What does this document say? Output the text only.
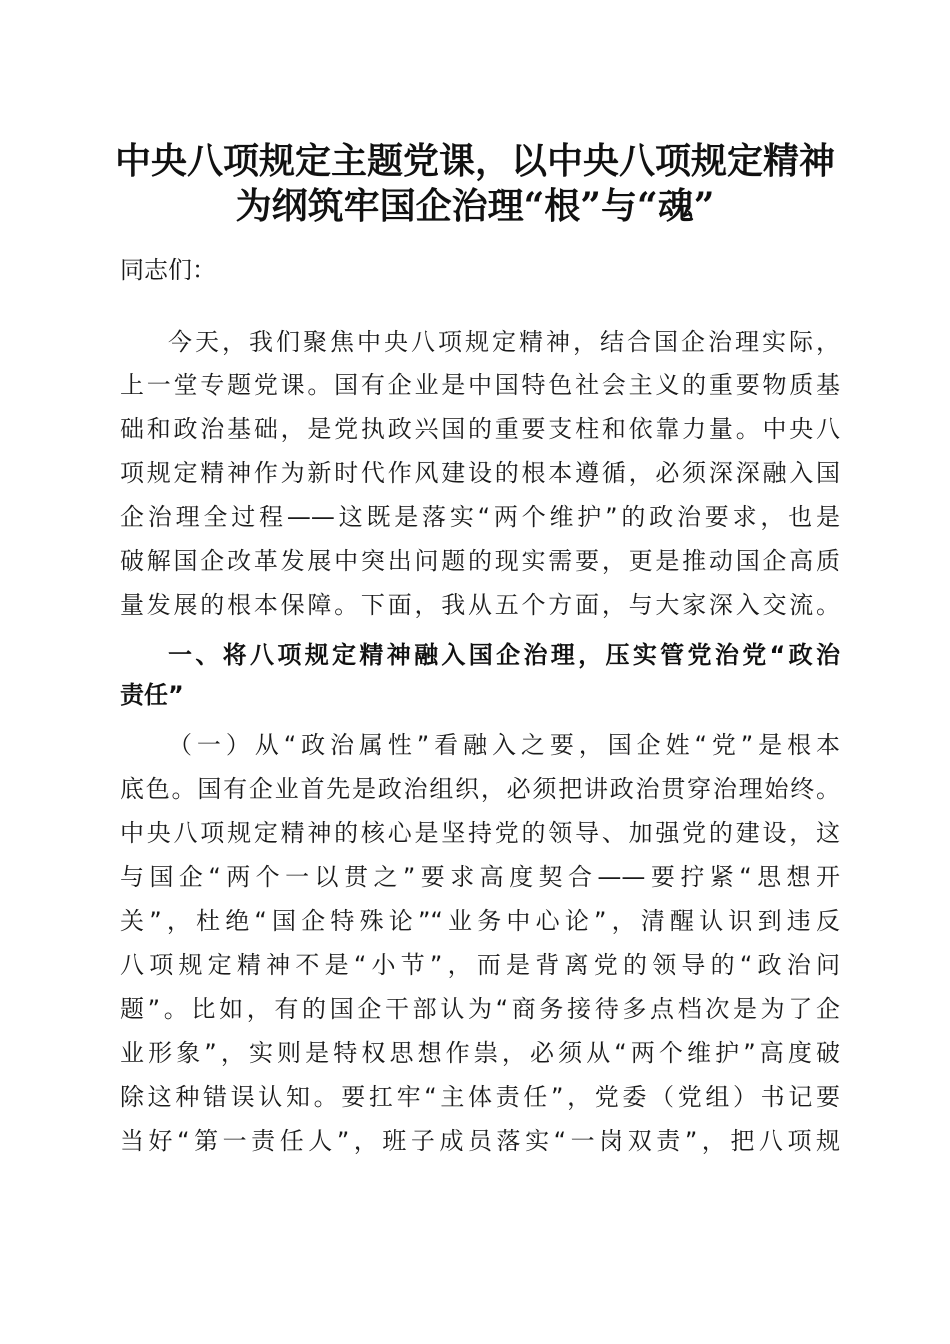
中央八项规定主题党课，以中央八项规定精神
为纲筑牢国企治理“根”与“魂”

同志们：

今天，我们聚焦中央八项规定精神，结合国企治理实际，

上一堂专题党课。国有企业是中国特色社会主义的重要物质基

础和政治基础，是党执政兴国的重要支柱和依靠力量。中央八

项规定精神作为新时代作风建设的根本遵循，必须深深融入国

企治理全过程——这既是落实“两个维护”的政治要求，也是

破解国企改革发展中突出问题的现实需要，更是推动国企高质

量发展的根本保障。下面，我从五个方面，与大家深入交流。

一、将八项规定精神融入国企治理，压实管党治党“政治

责任”

（一）从“政治属性”看融入之要，国企姓“党”是根本

底色。国有企业首先是政治组织，必须把讲政治贯穿治理始终。

中央八项规定精神的核心是坚持党的领导、加强党的建设，这

与国企“两个一以贯之”要求高度契合——要拧紧“思想开

关”，杜绝“国企特殊论”“业务中心论”，清醒认识到违反

八项规定精神不是“小节”，而是背离党的领导的“政治问

题”。比如，有的国企干部认为“商务接待多点档次是为了企

业形象”，实则是特权思想作祟，必须从“两个维护”高度破

除这种错误认知。要扛牢“主体责任”，党委（党组）书记要

当好“第一责任人”，班子成员落实“一岗双责”，把八项规
